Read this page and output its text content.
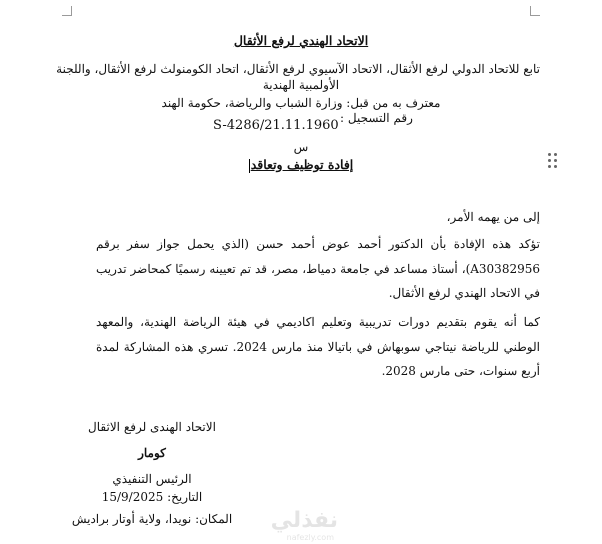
الاتحاد الهندي لرفع الأثقال
تابع للاتحاد الدولي لرفع الأثقال، الاتحاد الآسيوي لرفع الأثقال، اتحاد الكومنولث لرفع الأثقال، واللجنة
الأولمبية الهندية
معترف به من قبل: وزارة الشباب والرياضة، حكومة الهند
رقم التسجيل :
S-4286/21.11.1960
س
إفادة توظيف وتعاقد
إلى من يهمه الأمر،
تؤكد هذه الإفادة بأن الدكتور أحمد عوض أحمد حسن (الذي يحمل جواز سفر برقم A30382956)، أستاذ مساعد في جامعة دمياط، مصر، قد تم تعيينه رسميًا كمحاضر تدريب في الاتحاد الهندي لرفع الأثقال.
كما أنه يقوم بتقديم دورات تدريبية وتعليم اكاديمي في هيئة الرياضة الهندية، والمعهد الوطني للرياضة نيتاجي سوبهاش في باتيالا منذ مارس 2024. تسري هذه المشاركة لمدة أربع سنوات، حتى مارس 2028.
الاتحاد الهندى لرفع الاثقال
كومار
الرئيس التنفيذي
التاريخ: 15/9/2025
المكان: نويدا، ولاية أوتار براديش	نفذلي
nafezly.com
